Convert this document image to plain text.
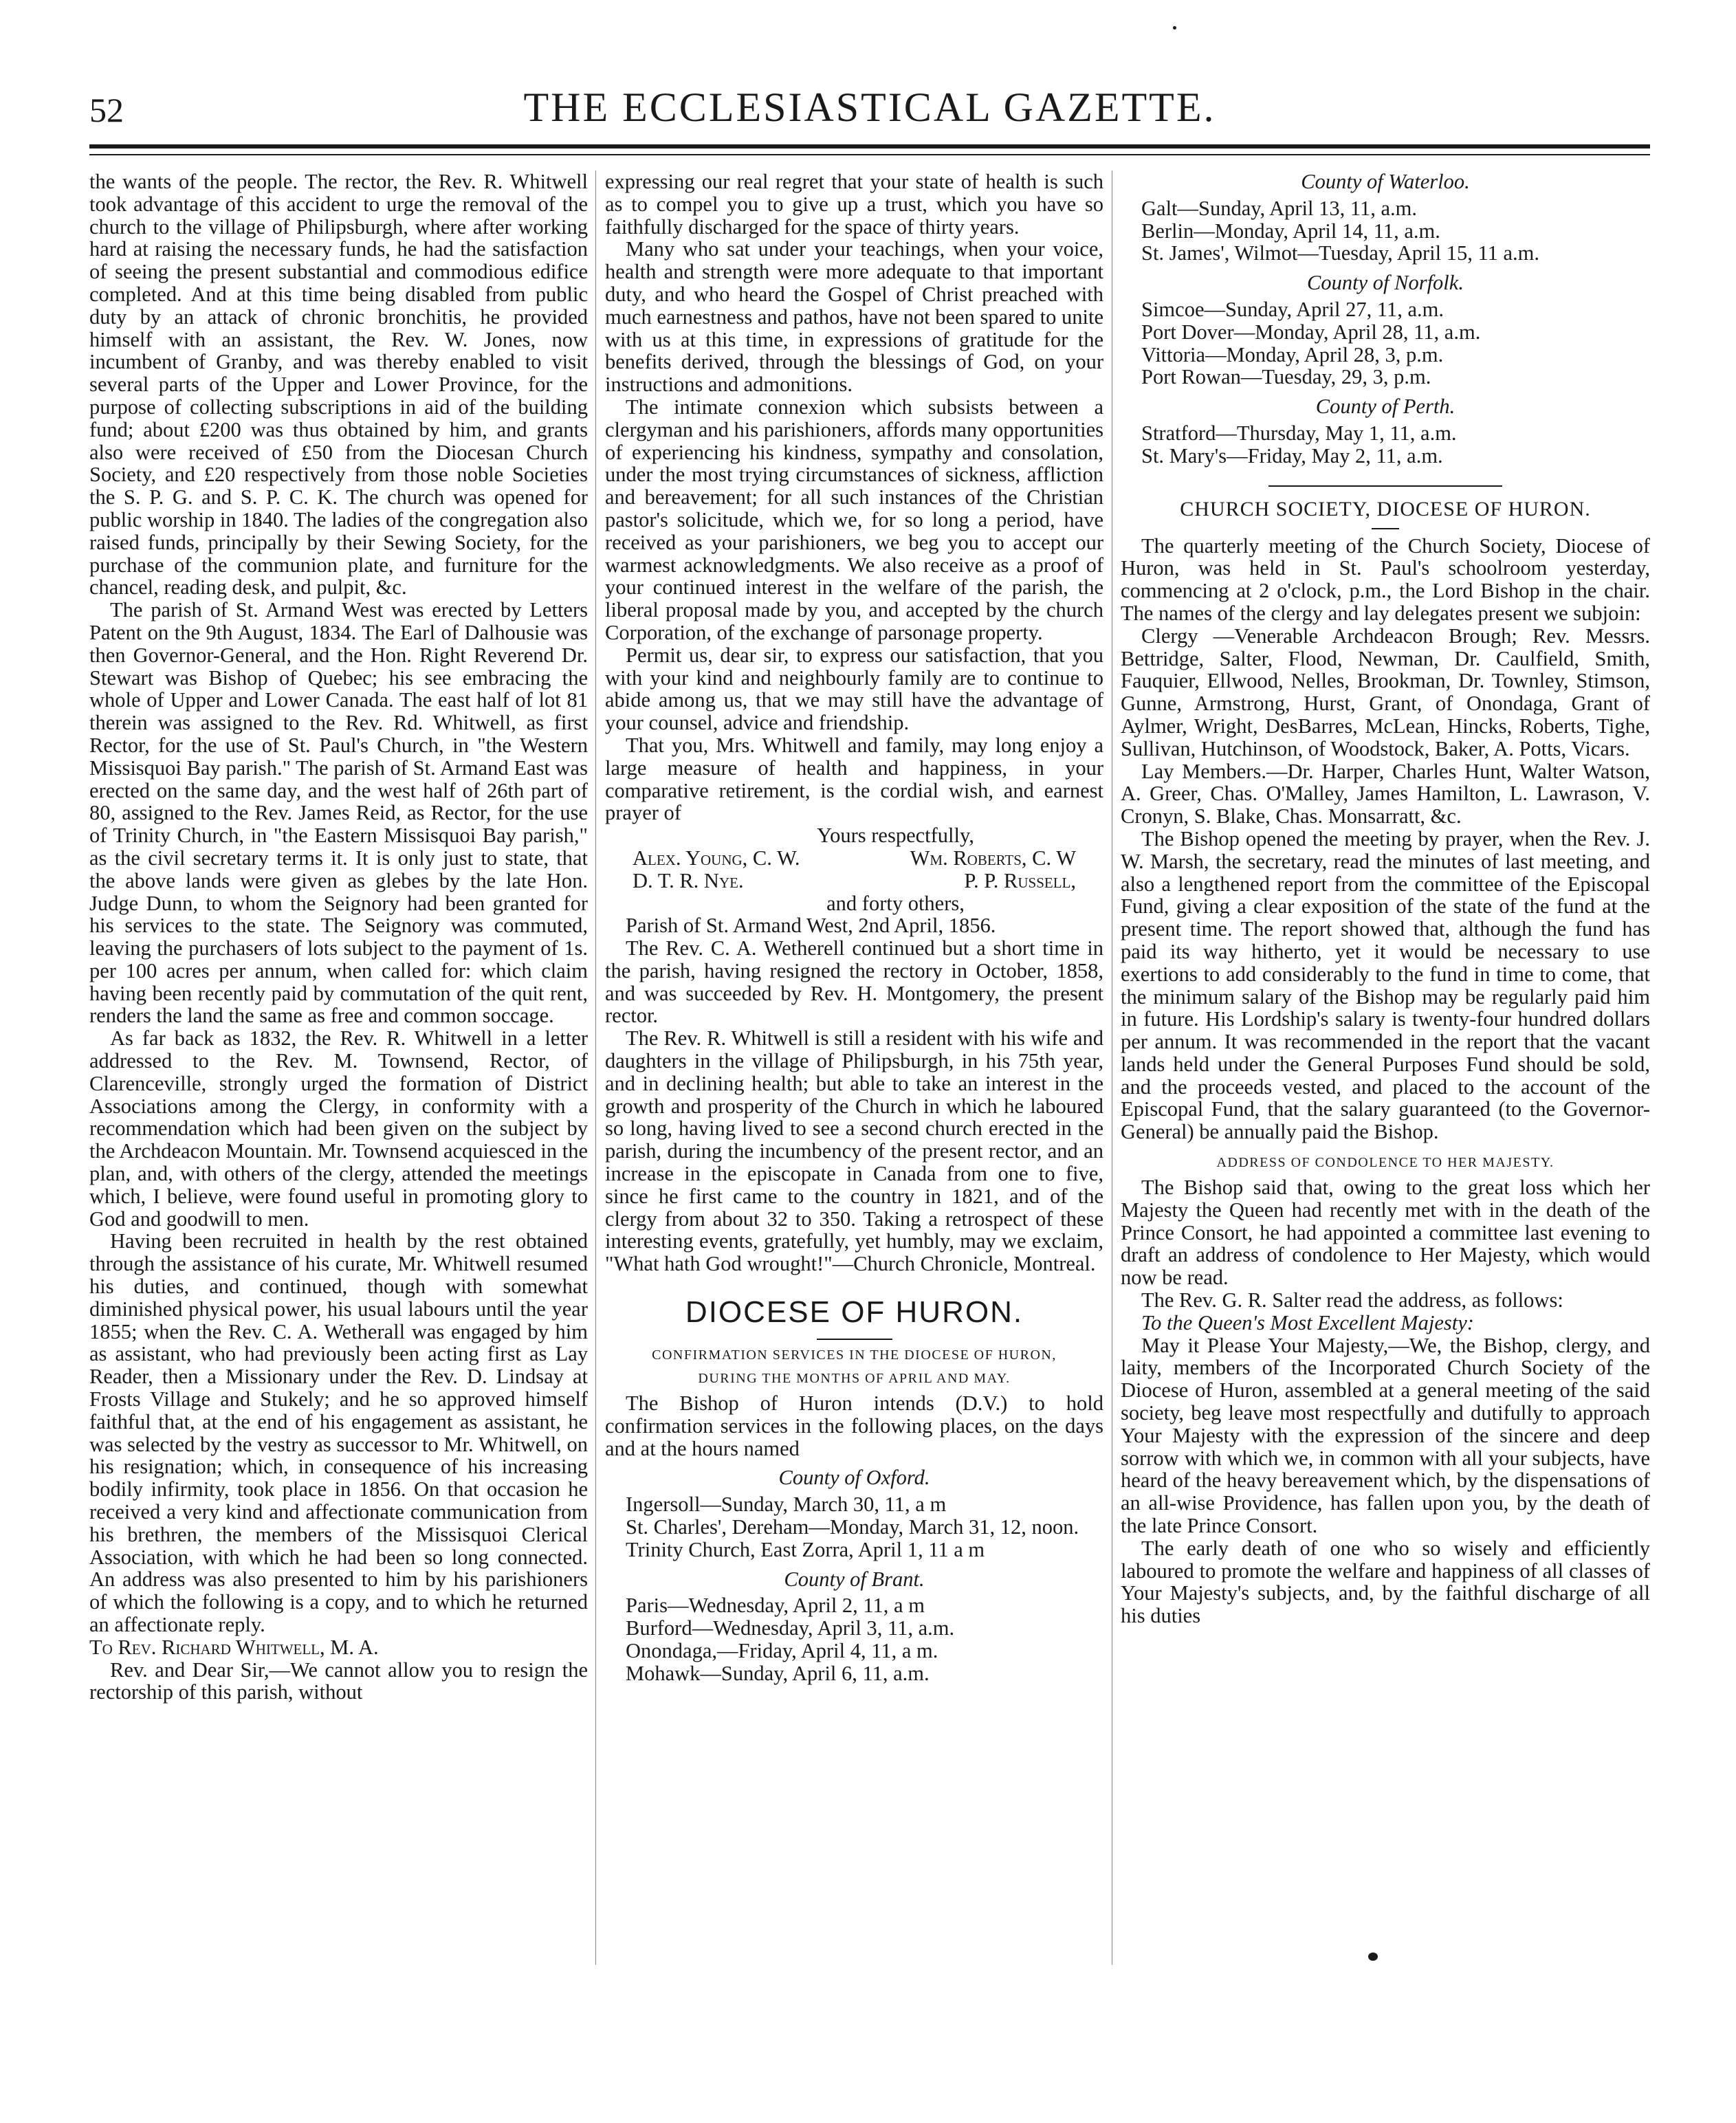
52	THE ECCLESIASTICAL GAZETTE.

the wants of the people. The rector, the Rev. R. Whitwell took advantage of this accident to urge the removal of the church to the village of Philipsburgh, where after working hard at raising the necessary funds, he had the satisfaction of seeing the present substantial and commodious edifice completed. And at this time being disabled from public duty by an attack of chronic bronchitis, he provided himself with an assistant, the Rev. W. Jones, now incumbent of Granby, and was thereby enabled to visit several parts of the Upper and Lower Province, for the purpose of collecting subscriptions in aid of the building fund; about £200 was thus obtained by him, and grants also were received of £50 from the Diocesan Church Society, and £20 respectively from those noble Societies the S. P. G. and S. P. C. K. The church was opened for public worship in 1840. The ladies of the congregation also raised funds, principally by their Sewing Society, for the purchase of the communion plate, and furniture for the chancel, reading desk, and pulpit, &c.

The parish of St. Armand West was erected by Letters Patent on the 9th August, 1834. The Earl of Dalhousie was then Governor-General, and the Hon. Right Reverend Dr. Stewart was Bishop of Quebec; his see embracing the whole of Upper and Lower Canada. The east half of lot 81 therein was assigned to the Rev. Rd. Whitwell, as first Rector, for the use of St. Paul's Church, in "the Western Missisquoi Bay parish." The parish of St. Armand East was erected on the same day, and the west half of 26th part of 80, assigned to the Rev. James Reid, as Rector, for the use of Trinity Church, in "the Eastern Missisquoi Bay parish," as the civil secretary terms it. It is only just to state, that the above lands were given as glebes by the late Hon. Judge Dunn, to whom the Seignory had been granted for his services to the state. The Seignory was commuted, leaving the purchasers of lots subject to the payment of 1s. per 100 acres per annum, when called for: which claim having been recently paid by commutation of the quit rent, renders the land the same as free and common soccage.

As far back as 1832, the Rev. R. Whitwell in a letter addressed to the Rev. M. Townsend, Rector, of Clarenceville, strongly urged the formation of District Associations among the Clergy, in conformity with a recommendation which had been given on the subject by the Archdeacon Mountain. Mr. Townsend acquiesced in the plan, and, with others of the clergy, attended the meetings which, I believe, were found useful in promoting glory to God and goodwill to men.

Having been recruited in health by the rest obtained through the assistance of his curate, Mr. Whitwell resumed his duties, and continued, though with somewhat diminished physical power, his usual labours until the year 1855; when the Rev. C. A. Wetherall was engaged by him as assistant, who had previously been acting first as Lay Reader, then a Missionary under the Rev. D. Lindsay at Frosts Village and Stukely; and he so approved himself faithful that, at the end of his engagement as assistant, he was selected by the vestry as successor to Mr. Whitwell, on his resignation; which, in consequence of his increasing bodily infirmity, took place in 1856. On that occasion he received a very kind and affectionate communication from his brethren, the members of the Missisquoi Clerical Association, with which he had been so long connected. An address was also presented to him by his parishioners of which the following is a copy, and to which he returned an affectionate reply.

To Rev. Richard Whitwell, M. A.

Rev. and Dear Sir,—We cannot allow you to resign the rectorship of this parish, without

expressing our real regret that your state of health is such as to compel you to give up a trust, which you have so faithfully discharged for the space of thirty years.

Many who sat under your teachings, when your voice, health and strength were more adequate to that important duty, and who heard the Gospel of Christ preached with much earnestness and pathos, have not been spared to unite with us at this time, in expressions of gratitude for the benefits derived, through the blessings of God, on your instructions and admonitions.

The intimate connexion which subsists between a clergyman and his parishioners, affords many opportunities of experiencing his kindness, sympathy and consolation, under the most trying circumstances of sickness, affliction and bereavement; for all such instances of the Christian pastor's solicitude, which we, for so long a period, have received as your parishioners, we beg you to accept our warmest acknowledgments. We also receive as a proof of your continued interest in the welfare of the parish, the liberal proposal made by you, and accepted by the church Corporation, of the exchange of parsonage property.

Permit us, dear sir, to express our satisfaction, that you with your kind and neighbourly family are to continue to abide among us, that we may still have the advantage of your counsel, advice and friendship.

That you, Mrs. Whitwell and family, may long enjoy a large measure of health and happiness, in your comparative retirement, is the cordial wish, and earnest prayer of

Yours respectfully,

Alex. Young, C. W.	Wm. Roberts, C. W
D. T. R. Nye.	P. P. Russell,

and forty others,

Parish of St. Armand West, 2nd April, 1856.

The Rev. C. A. Wetherell continued but a short time in the parish, having resigned the rectory in October, 1858, and was succeeded by Rev. H. Montgomery, the present rector.

The Rev. R. Whitwell is still a resident with his wife and daughters in the village of Philipsburgh, in his 75th year, and in declining health; but able to take an interest in the growth and prosperity of the Church in which he laboured so long, having lived to see a second church erected in the parish, during the incumbency of the present rector, and an increase in the episcopate in Canada from one to five, since he first came to the country in 1821, and of the clergy from about 32 to 350. Taking a retrospect of these interesting events, gratefully, yet humbly, may we exclaim, "What hath God wrought!"—Church Chronicle, Montreal.

DIOCESE OF HURON.
CONFIRMATION SERVICES IN THE DIOCESE OF HURON,
DURING THE MONTHS OF APRIL AND MAY.

The Bishop of Huron intends (D.V.) to hold confirmation services in the following places, on the days and at the hours named

County of Oxford.
Ingersoll—Sunday, March 30, 11, a m
St. Charles', Dereham—Monday, March 31, 12, noon.
Trinity Church, East Zorra, April 1, 11 a m
County of Brant.
Paris—Wednesday, April 2, 11, a m
Burford—Wednesday, April 3, 11, a.m.
Onondaga,—Friday, April 4, 11, a m.
Mohawk—Sunday, April 6, 11, a.m.
County of Waterloo.
Galt—Sunday, April 13, 11, a.m.
Berlin—Monday, April 14, 11, a.m.
St. James', Wilmot—Tuesday, April 15, 11 a.m.
County of Norfolk.
Simcoe—Sunday, April 27, 11, a.m.
Port Dover—Monday, April 28, 11, a.m.
Vittoria—Monday, April 28, 3, p.m.
Port Rowan—Tuesday, 29, 3, p.m.
County of Perth.
Stratford—Thursday, May 1, 11, a.m.
St. Mary's—Friday, May 2, 11, a.m.
CHURCH SOCIETY, DIOCESE OF HURON.

The quarterly meeting of the Church Society, Diocese of Huron, was held in St. Paul's schoolroom yesterday, commencing at 2 o'clock, p.m., the Lord Bishop in the chair. The names of the clergy and lay delegates present we subjoin:

Clergy —Venerable Archdeacon Brough; Rev. Messrs. Bettridge, Salter, Flood, Newman, Dr. Caulfield, Smith, Fauquier, Ellwood, Nelles, Brookman, Dr. Townley, Stimson, Gunne, Armstrong, Hurst, Grant, of Onondaga, Grant of Aylmer, Wright, DesBarres, McLean, Hincks, Roberts, Tighe, Sullivan, Hutchinson, of Woodstock, Baker, A. Potts, Vicars.

Lay Members.—Dr. Harper, Charles Hunt, Walter Watson, A. Greer, Chas. O'Malley, James Hamilton, L. Lawrason, V. Cronyn, S. Blake, Chas. Monsarratt, &c.

The Bishop opened the meeting by prayer, when the Rev. J. W. Marsh, the secretary, read the minutes of last meeting, and also a lengthened report from the committee of the Episcopal Fund, giving a clear exposition of the state of the fund at the present time. The report showed that, although the fund has paid its way hitherto, yet it would be necessary to use exertions to add considerably to the fund in time to come, that the minimum salary of the Bishop may be regularly paid him in future. His Lordship's salary is twenty-four hundred dollars per annum. It was recommended in the report that the vacant lands held under the General Purposes Fund should be sold, and the proceeds vested, and placed to the account of the Episcopal Fund, that the salary guaranteed (to the Governor-General) be annually paid the Bishop.

ADDRESS OF CONDOLENCE TO HER MAJESTY.

The Bishop said that, owing to the great loss which her Majesty the Queen had recently met with in the death of the Prince Consort, he had appointed a committee last evening to draft an address of condolence to Her Majesty, which would now be read.

The Rev. G. R. Salter read the address, as follows:

To the Queen's Most Excellent Majesty:

May it Please Your Majesty,—We, the Bishop, clergy, and laity, members of the Incorporated Church Society of the Diocese of Huron, assembled at a general meeting of the said society, beg leave most respectfully and dutifully to approach Your Majesty with the expression of the sincere and deep sorrow with which we, in common with all your subjects, have heard of the heavy bereavement which, by the dispensations of an all-wise Providence, has fallen upon you, by the death of the late Prince Consort.

The early death of one who so wisely and efficiently laboured to promote the welfare and happiness of all classes of Your Majesty's subjects, and, by the faithful discharge of all his duties
